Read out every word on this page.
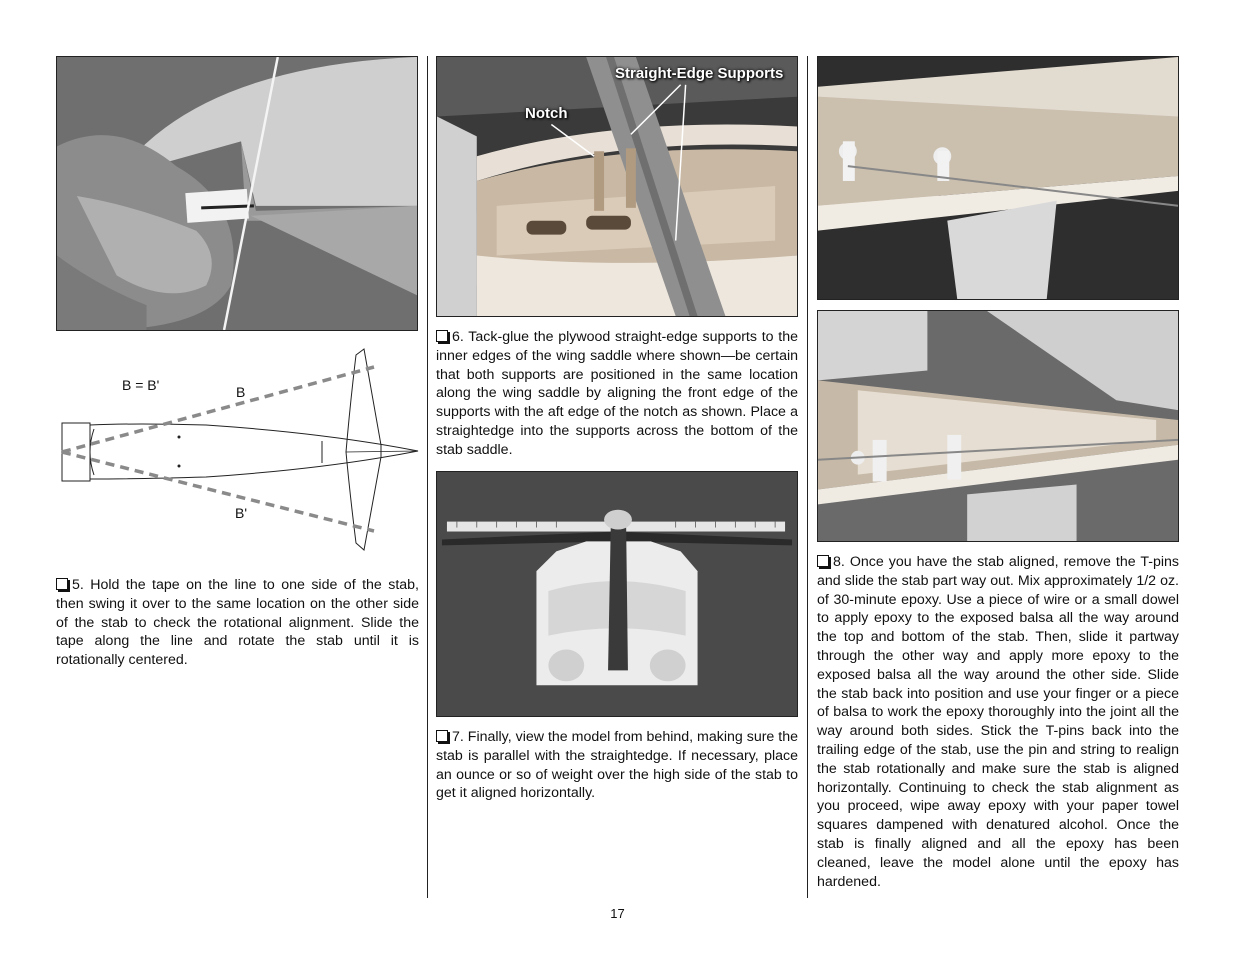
B = B'	B
B'
5. Hold the tape on the line to one side of the stab, then swing it over to the same location on the other side of the stab to check the rotational alignment. Slide the tape along the line and rotate the stab until it is rotationally centered.
Straight-Edge Supports
Notch
6. Tack-glue the plywood straight-edge supports to the inner edges of the wing saddle where shown—be certain that both supports are positioned in the same location along the wing saddle by aligning the front edge of the supports with the aft edge of the notch as shown. Place a straightedge into the supports across the bottom of the stab saddle.
7. Finally, view the model from behind, making sure the stab is parallel with the straightedge. If necessary, place an ounce or so of weight over the high side of the stab to get it aligned horizontally.
8. Once you have the stab aligned, remove the T-pins and slide the stab part way out. Mix approximately 1/2 oz. of 30-minute epoxy. Use a piece of wire or a small dowel to apply epoxy to the exposed balsa all the way around the top and bottom of the stab. Then, slide it partway through the other way and apply more epoxy to the exposed balsa all the way around the other side. Slide the stab back into position and use your finger or a piece of balsa to work the epoxy thoroughly into the joint all the way around both sides. Stick the T-pins back into the trailing edge of the stab, use the pin and string to realign the stab rotationally and make sure the stab is aligned horizontally. Continuing to check the stab alignment as you proceed, wipe away epoxy with your paper towel squares dampened with denatured alcohol. Once the stab is finally aligned and all the epoxy has been cleaned, leave the model alone until the epoxy has hardened.
17
